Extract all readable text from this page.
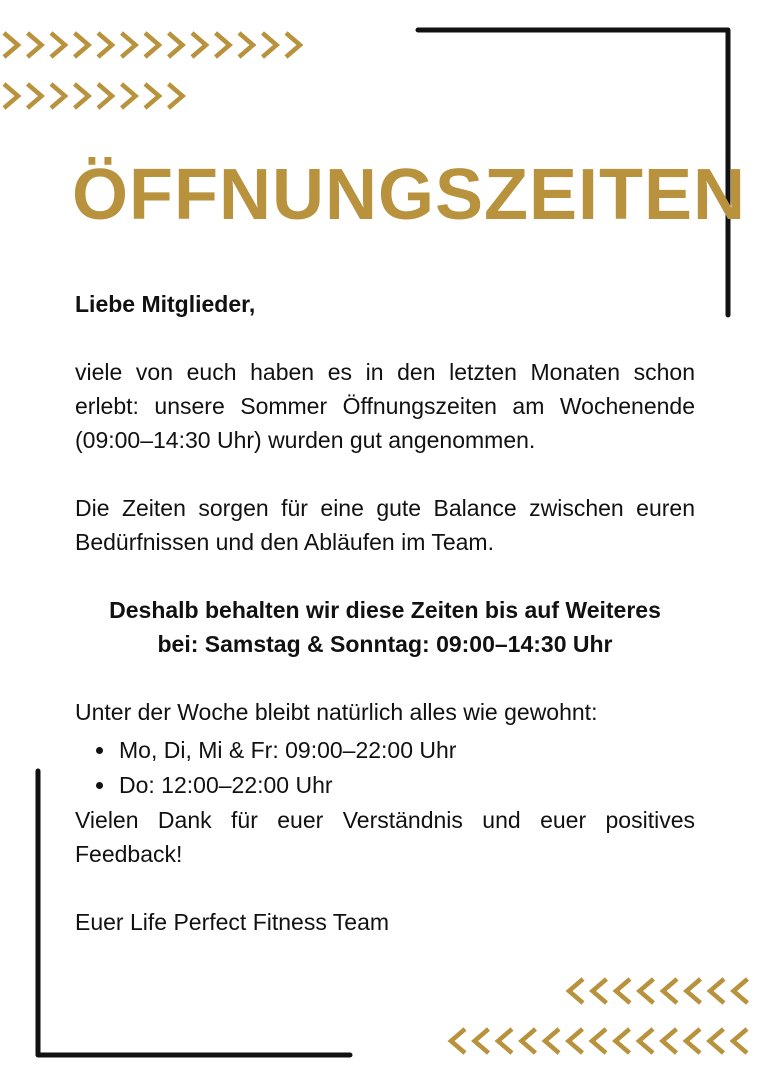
ÖFFNUNGSZEITEN

Liebe Mitglieder,

viele von euch haben es in den letzten Monaten schon erlebt: unsere Sommer Öffnungszeiten am Wochenende (09:00–14:30 Uhr) wurden gut angenommen.

Die Zeiten sorgen für eine gute Balance zwischen euren Bedürfnissen und den Abläufen im Team.

Deshalb behalten wir diese Zeiten bis auf Weiteres
bei: Samstag & Sonntag: 09:00–14:30 Uhr

Unter der Woche bleibt natürlich alles wie gewohnt:

• Mo, Di, Mi & Fr: 09:00–22:00 Uhr
• Do: 12:00–22:00 Uhr

Vielen Dank für euer Verständnis und euer positives Feedback!

Euer Life Perfect Fitness Team
